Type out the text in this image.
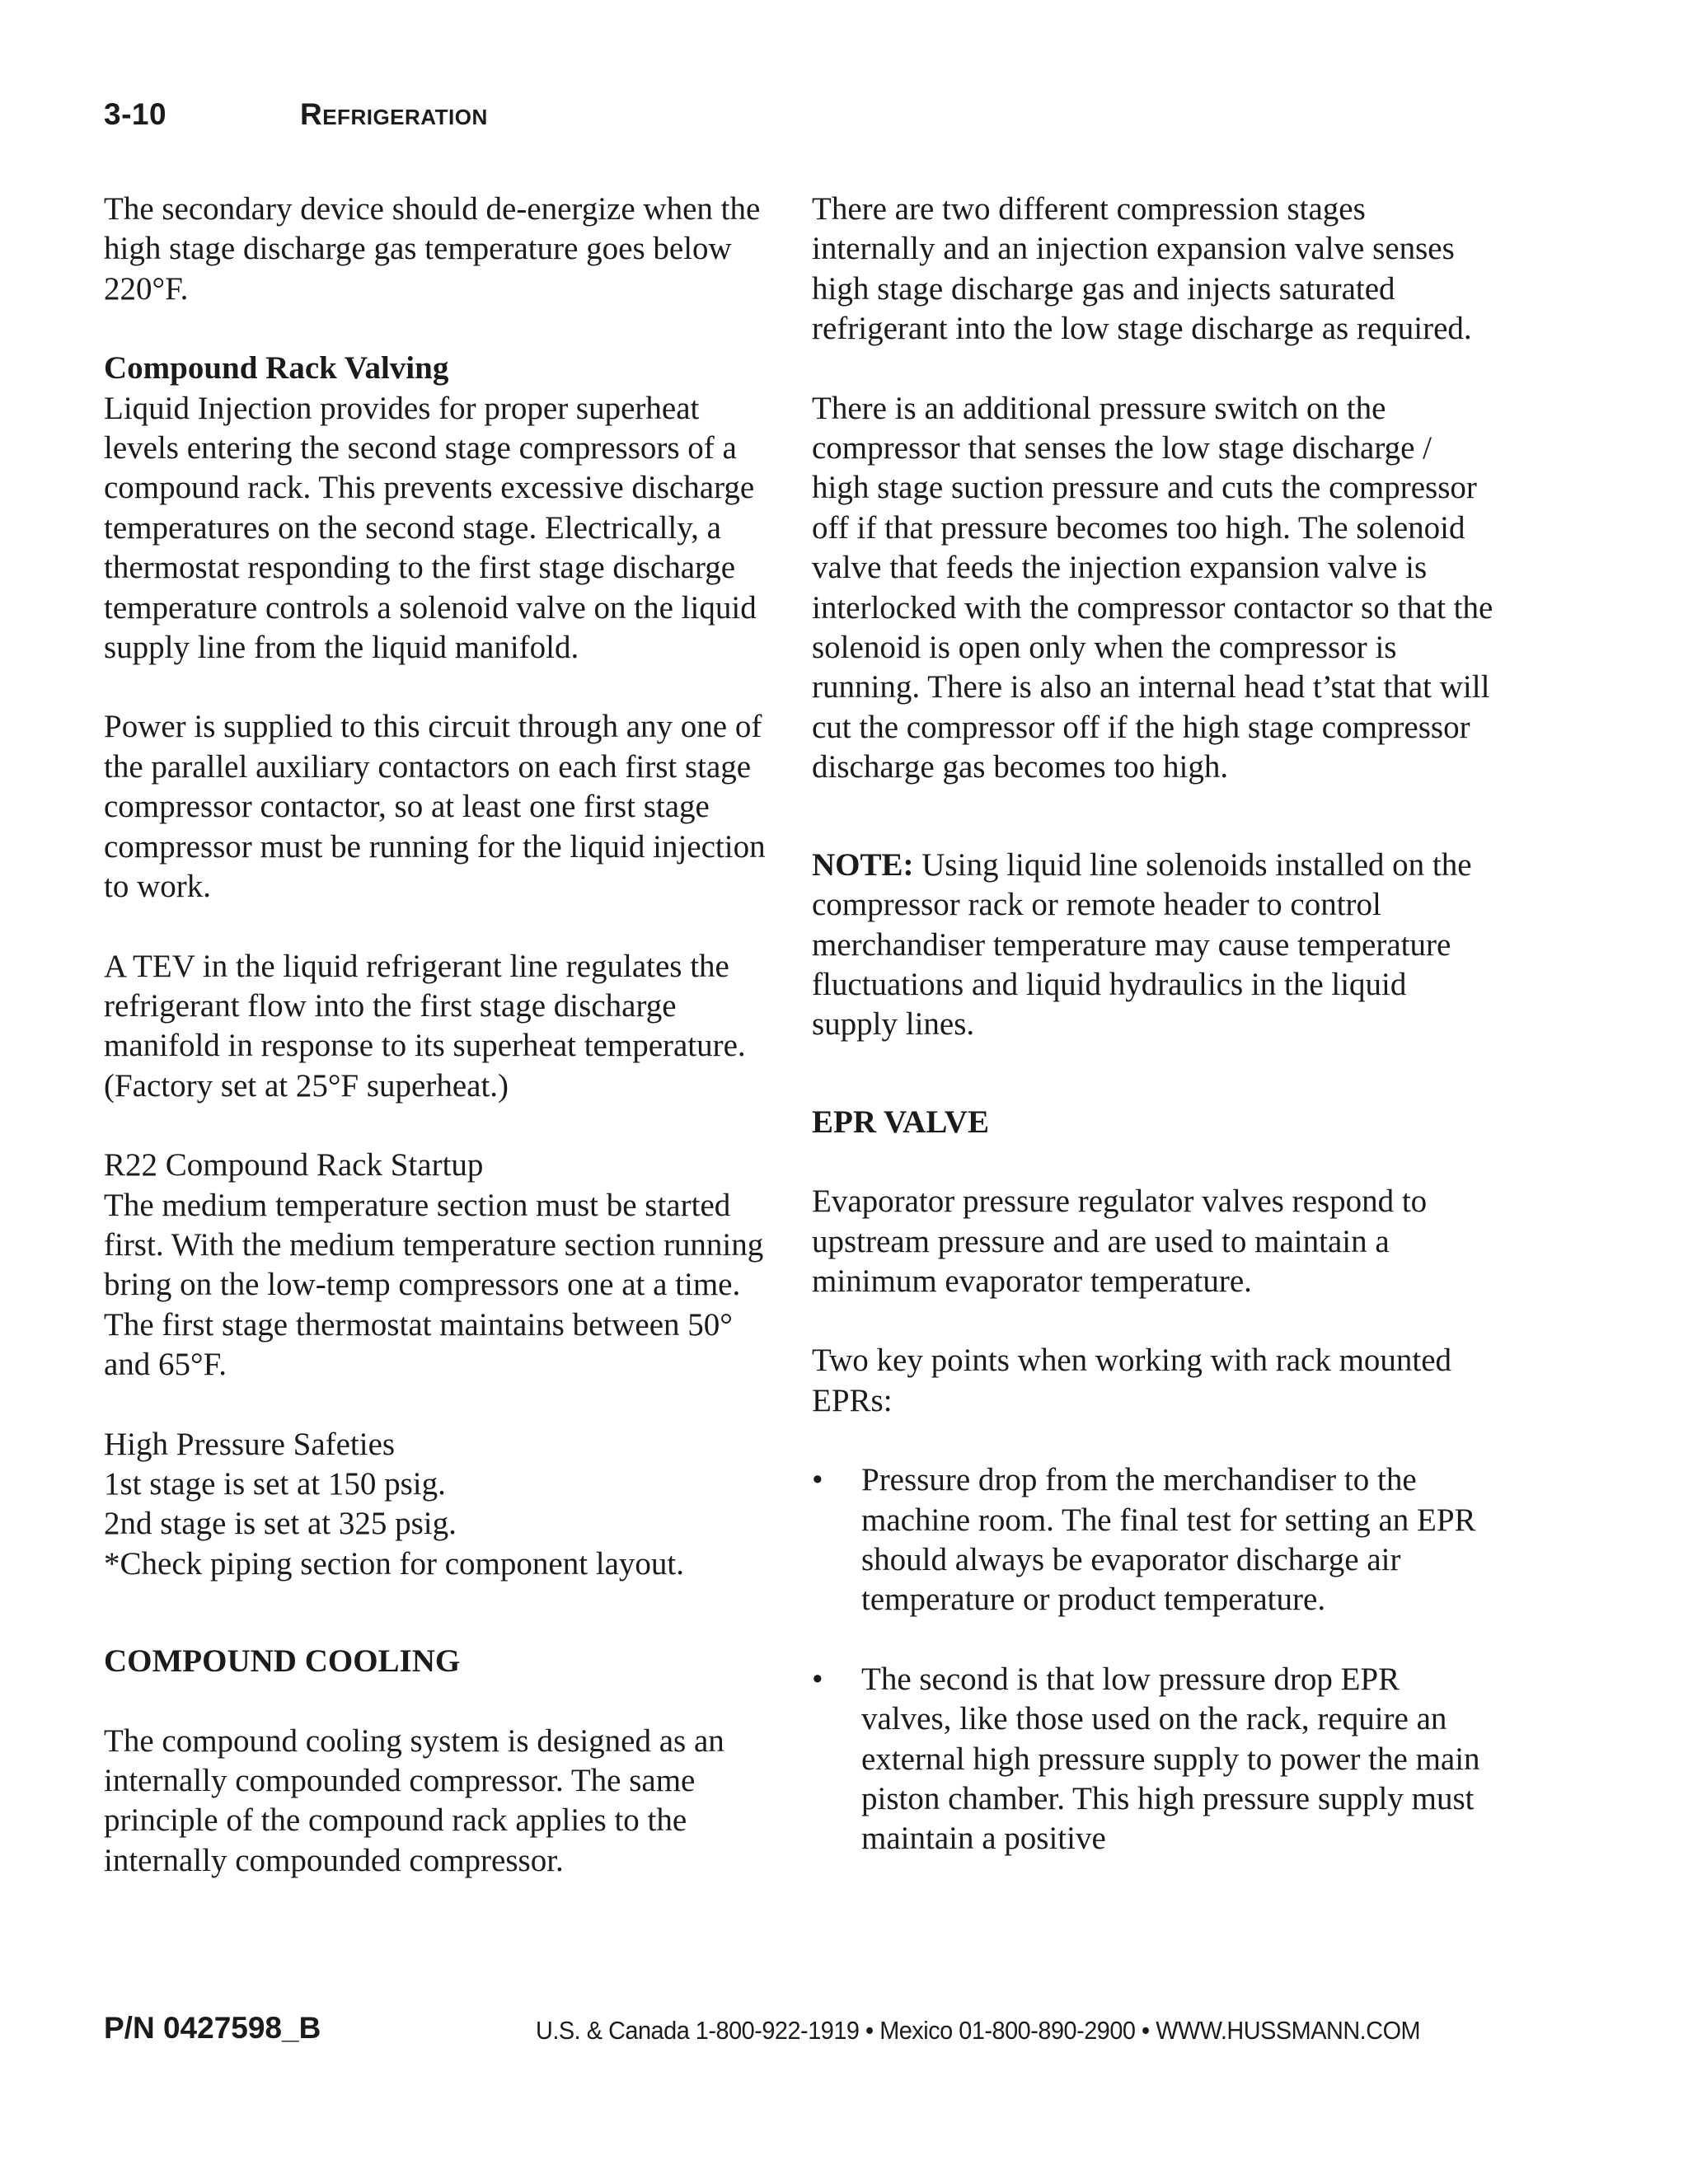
3-10	Refrigeration

The secondary device should de-energize when the high stage discharge gas temperature goes below 220°F.

Compound Rack Valving

Liquid Injection provides for proper superheat levels entering the second stage compressors of a compound rack. This prevents excessive discharge temperatures on the second stage. Electrically, a thermostat responding to the first stage discharge temperature controls a solenoid valve on the liquid supply line from the liquid manifold.

Power is supplied to this circuit through any one of the parallel auxiliary contactors on each first stage compressor contactor, so at least one first stage compressor must be running for the liquid injection to work.

A TEV in the liquid refrigerant line regulates the refrigerant flow into the first stage discharge manifold in response to its superheat temperature. (Factory set at 25°F superheat.)

R22 Compound Rack Startup

The medium temperature section must be started first. With the medium temperature section running bring on the low-temp compressors one at a time. The first stage thermostat maintains between 50° and 65°F.

High Pressure Safeties
1st stage is set at 150 psig.
2nd stage is set at 325 psig.
*Check piping section for component layout.

COMPOUND COOLING

The compound cooling system is designed as an internally compounded compressor. The same principle of the compound rack applies to the internally compounded compressor.

There are two different compression stages internally and an injection expansion valve senses high stage discharge gas and injects saturated refrigerant into the low stage discharge as required.

There is an additional pressure switch on the compressor that senses the low stage discharge / high stage suction pressure and cuts the compressor off if that pressure becomes too high. The solenoid valve that feeds the injection expansion valve is interlocked with the compressor contactor so that the solenoid is open only when the compressor is running. There is also an internal head t’stat that will cut the compressor off if the high stage compressor discharge gas becomes too high.

NOTE: Using liquid line solenoids installed on the compressor rack or remote header to control merchandiser temperature may cause temperature fluctuations and liquid hydraulics in the liquid supply lines.

EPR VALVE

Evaporator pressure regulator valves respond to upstream pressure and are used to maintain a minimum evaporator temperature.

Two key points when working with rack mounted EPRs:

• Pressure drop from the merchandiser to the machine room. The final test for setting an EPR should always be evaporator discharge air temperature or product temperature.
• The second is that low pressure drop EPR valves, like those used on the rack, require an external high pressure supply to power the main piston chamber. This high pressure supply must maintain a positive
P/N 0427598_B	U.S. & Canada 1-800-922-1919 • Mexico 01-800-890-2900 • WWW.HUSSMANN.COM
